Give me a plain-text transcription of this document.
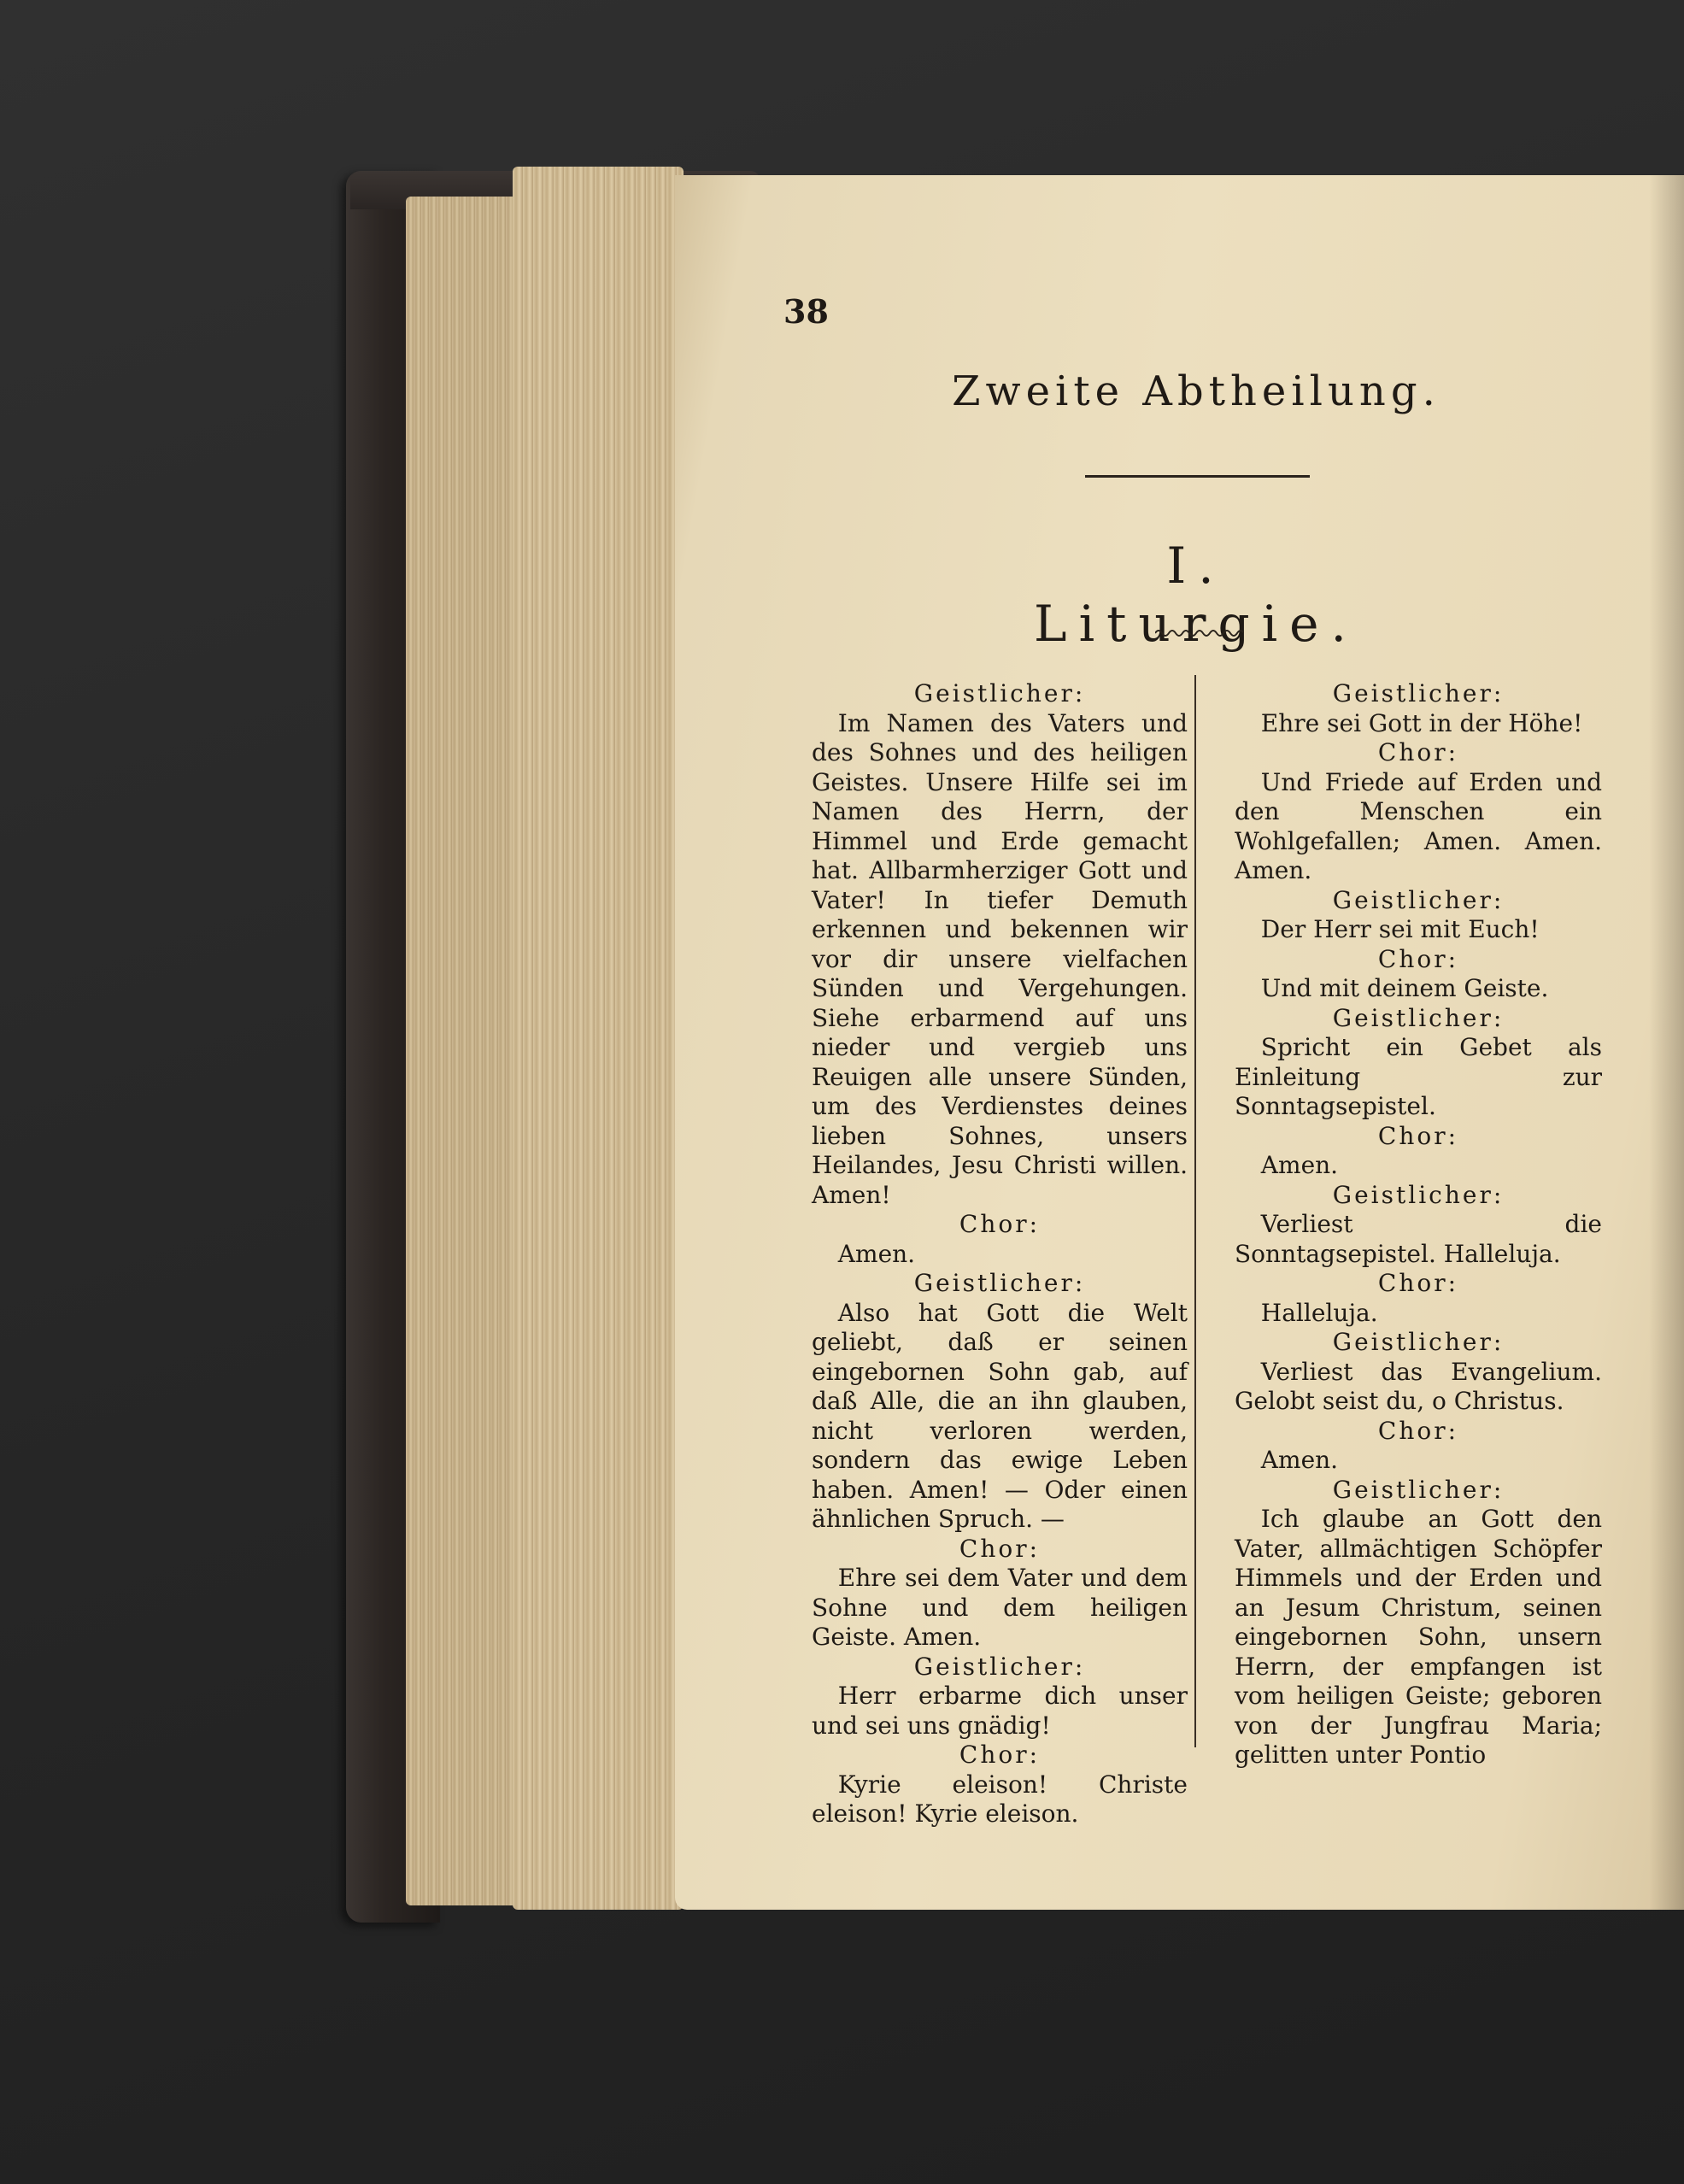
38
Zweite Abtheilung.
I. Liturgie.

Geistlicher:

Im Namen des Vaters und des Sohnes und des heiligen Geistes. Unsere Hilfe sei im Namen des Herrn, der Himmel und Erde gemacht hat. Allbarmherziger Gott und Vater! In tiefer Demuth erkennen und bekennen wir vor dir unsere vielfachen Sünden und Vergehungen. Siehe erbarmend auf uns nieder und vergieb uns Reuigen alle unsere Sünden, um des Verdienstes deines lieben Sohnes, unsers Heilandes, Jesu Christi willen. Amen!

Chor:

Amen.

Geistlicher:

Also hat Gott die Welt geliebt, daß er seinen eingebornen Sohn gab, auf daß Alle, die an ihn glauben, nicht verloren werden, sondern das ewige Leben haben. Amen! — Oder einen ähnlichen Spruch. —

Chor:

Ehre sei dem Vater und dem Sohne und dem heiligen Geiste. Amen.

Geistlicher:

Herr erbarme dich unser und sei uns gnädig!

Chor:

Kyrie eleison! Christe eleison! Kyrie eleison.

Geistlicher:

Ehre sei Gott in der Höhe!

Chor:

Und Friede auf Erden und den Menschen ein Wohlgefallen; Amen. Amen. Amen.

Geistlicher:

Der Herr sei mit Euch!

Chor:

Und mit deinem Geiste.

Geistlicher:

Spricht ein Gebet als Einleitung zur Sonntagsepistel.

Chor:

Amen.

Geistlicher:

Verliest die Sonntagsepistel. Halleluja.

Chor:

Halleluja.

Geistlicher:

Verliest das Evangelium. Gelobt seist du, o Christus.

Chor:

Amen.

Geistlicher:

Ich glaube an Gott den Vater, allmächtigen Schöpfer Himmels und der Erden und an Jesum Christum, seinen eingebornen Sohn, unsern Herrn, der empfangen ist vom heiligen Geiste; geboren von der Jungfrau Maria; gelitten unter Pontio
